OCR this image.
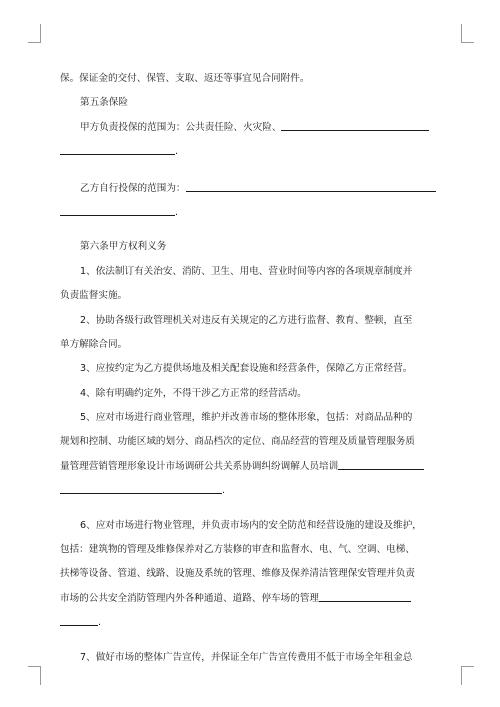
保。保证金的交付、保管、支取、返还等事宜见合同附件。
第五条保险
甲方负责投保的范围为：公共责任险、火灾险、
.
乙方自行投保的范围为：
.
第六条甲方权利义务
1、依法制订有关治安、消防、卫生、用电、营业时间等内容的各项规章制度并
负责监督实施。
2、协助各级行政管理机关对违反有关规定的乙方进行监督、教育、整顿，直至
单方解除合同。
3、应按约定为乙方提供场地及相关配套设施和经营条件，保障乙方正常经营。
4、除有明确约定外，不得干涉乙方正常的经营活动。
5、应对市场进行商业管理，维护并改善市场的整体形象，包括：对商品品种的
规划和控制、功能区域的划分、商品档次的定位、商品经营的管理及质量管理服务质
量管理营销管理形象设计市场调研公共关系协调纠纷调解人员培训
.
6、应对市场进行物业管理，并负责市场内的安全防范和经营设施的建设及维护，
包括：建筑物的管理及维修保养对乙方装修的审查和监督水、电、气、空调、电梯、
扶梯等设备、管道、线路、设施及系统的管理、维修及保养清洁管理保安管理并负责
市场的公共安全消防管理内外各种通道、道路、停车场的管理
.
7、做好市场的整体广告宣传，并保证全年广告宣传费用不低于市场全年租金总
